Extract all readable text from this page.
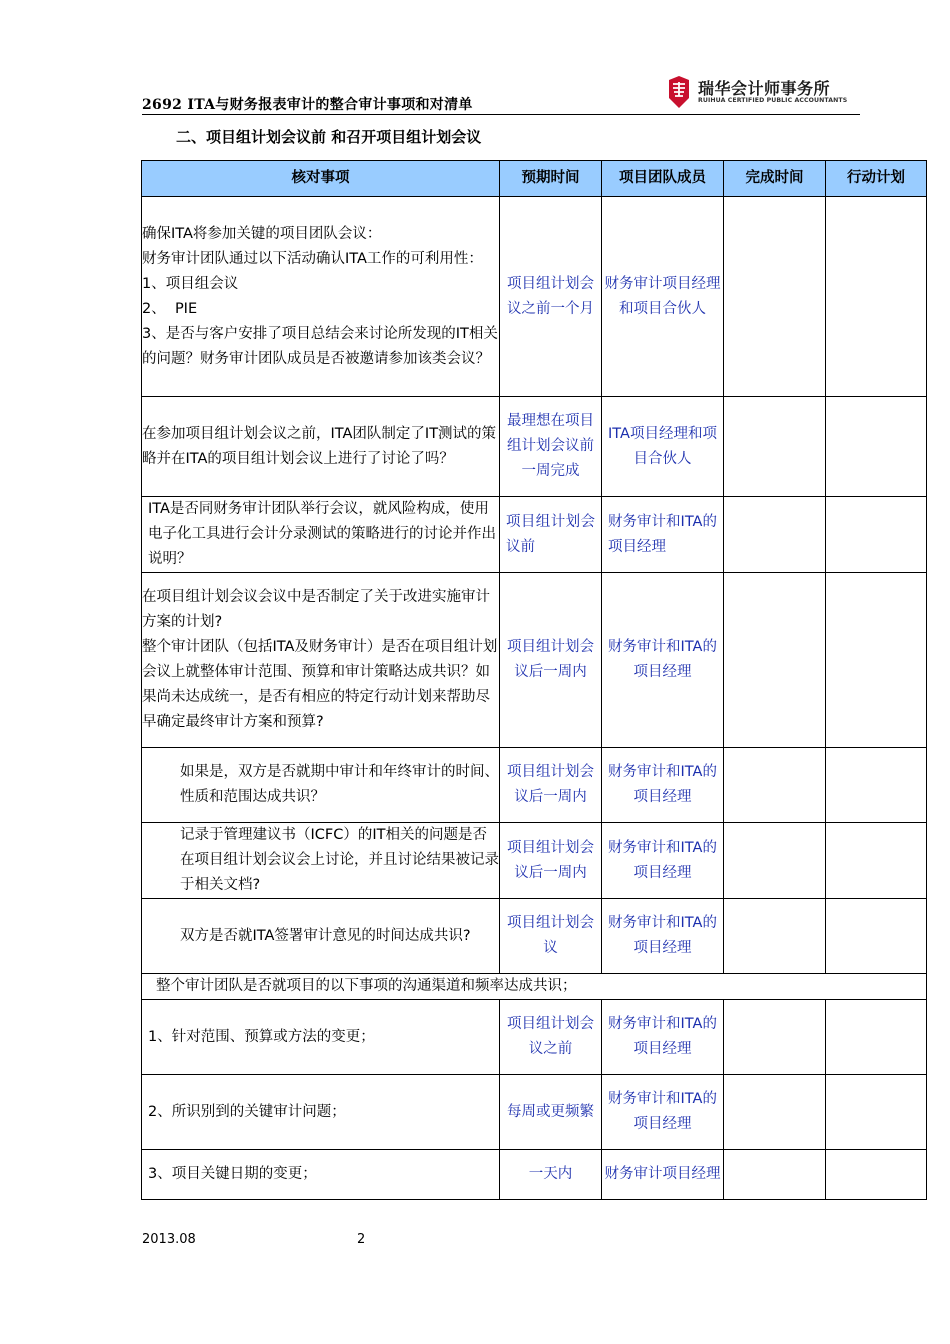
瑞华会计师事务所
RUIHUA CERTIFIED PUBLIC ACCOUNTANTS
2692 ITA与财务报表审计的整合审计事项和对清单
二、项目组计划会议前 和召开项目组计划会议
核对事项	预期时间	项目团队成员	完成时间	行动计划

确保ITA将参加关键的项目团队会议：
财务审计团队通过以下活动确认ITA工作的可利用性：
1、项目组会议
2、  PIE
3、是否与客户安排了项目总结会来讨论所发现的IT相关的问题？财务审计团队成员是否被邀请参加该类会议？	项目组计划会议之前一个月	财务审计项目经理和项目合伙人		

在参加项目组计划会议之前，ITA团队制定了IT测试的策略并在ITA的项目组计划会议上进行了讨论了吗？	最理想在项目组计划会议前一周完成	ITA项目经理和项目合伙人		

ITA是否同财务审计团队举行会议，就风险构成，使用电子化工具进行会计分录测试的策略进行的讨论并作出说明？	项目组计划会议前	财务审计和ITA的项目经理		

在项目组计划会议会议中是否制定了关于改进实施审计方案的计划?
整个审计团队（包括ITA及财务审计）是否在项目组计划会议上就整体审计范围、预算和审计策略达成共识？如果尚未达成统一，是否有相应的特定行动计划来帮助尽早确定最终审计方案和预算?	项目组计划会议后一周内	财务审计和ITA的项目经理		

如果是，双方是否就期中审计和年终审计的时间、性质和范围达成共识？	项目组计划会议后一周内	财务审计和ITA的项目经理		

记录于管理建议书（ICFC）的IT相关的问题是否在项目组计划会议会上讨论，并且讨论结果被记录于相关文档?	项目组计划会议后一周内	财务审计和ITA的项目经理		

双方是否就ITA签署审计意见的时间达成共识?	项目组计划会议	财务审计和ITA的项目经理		
整个审计团队是否就项目的以下事项的沟通渠道和频率达成共识；				

1、针对范围、预算或方法的变更；	项目组计划会议之前	财务审计和ITA的项目经理		

2、所识别到的关键审计问题；	每周或更频繁	财务审计和ITA的项目经理		

3、项目关键日期的变更；	一天内	财务审计项目经理		
2013.08	2
